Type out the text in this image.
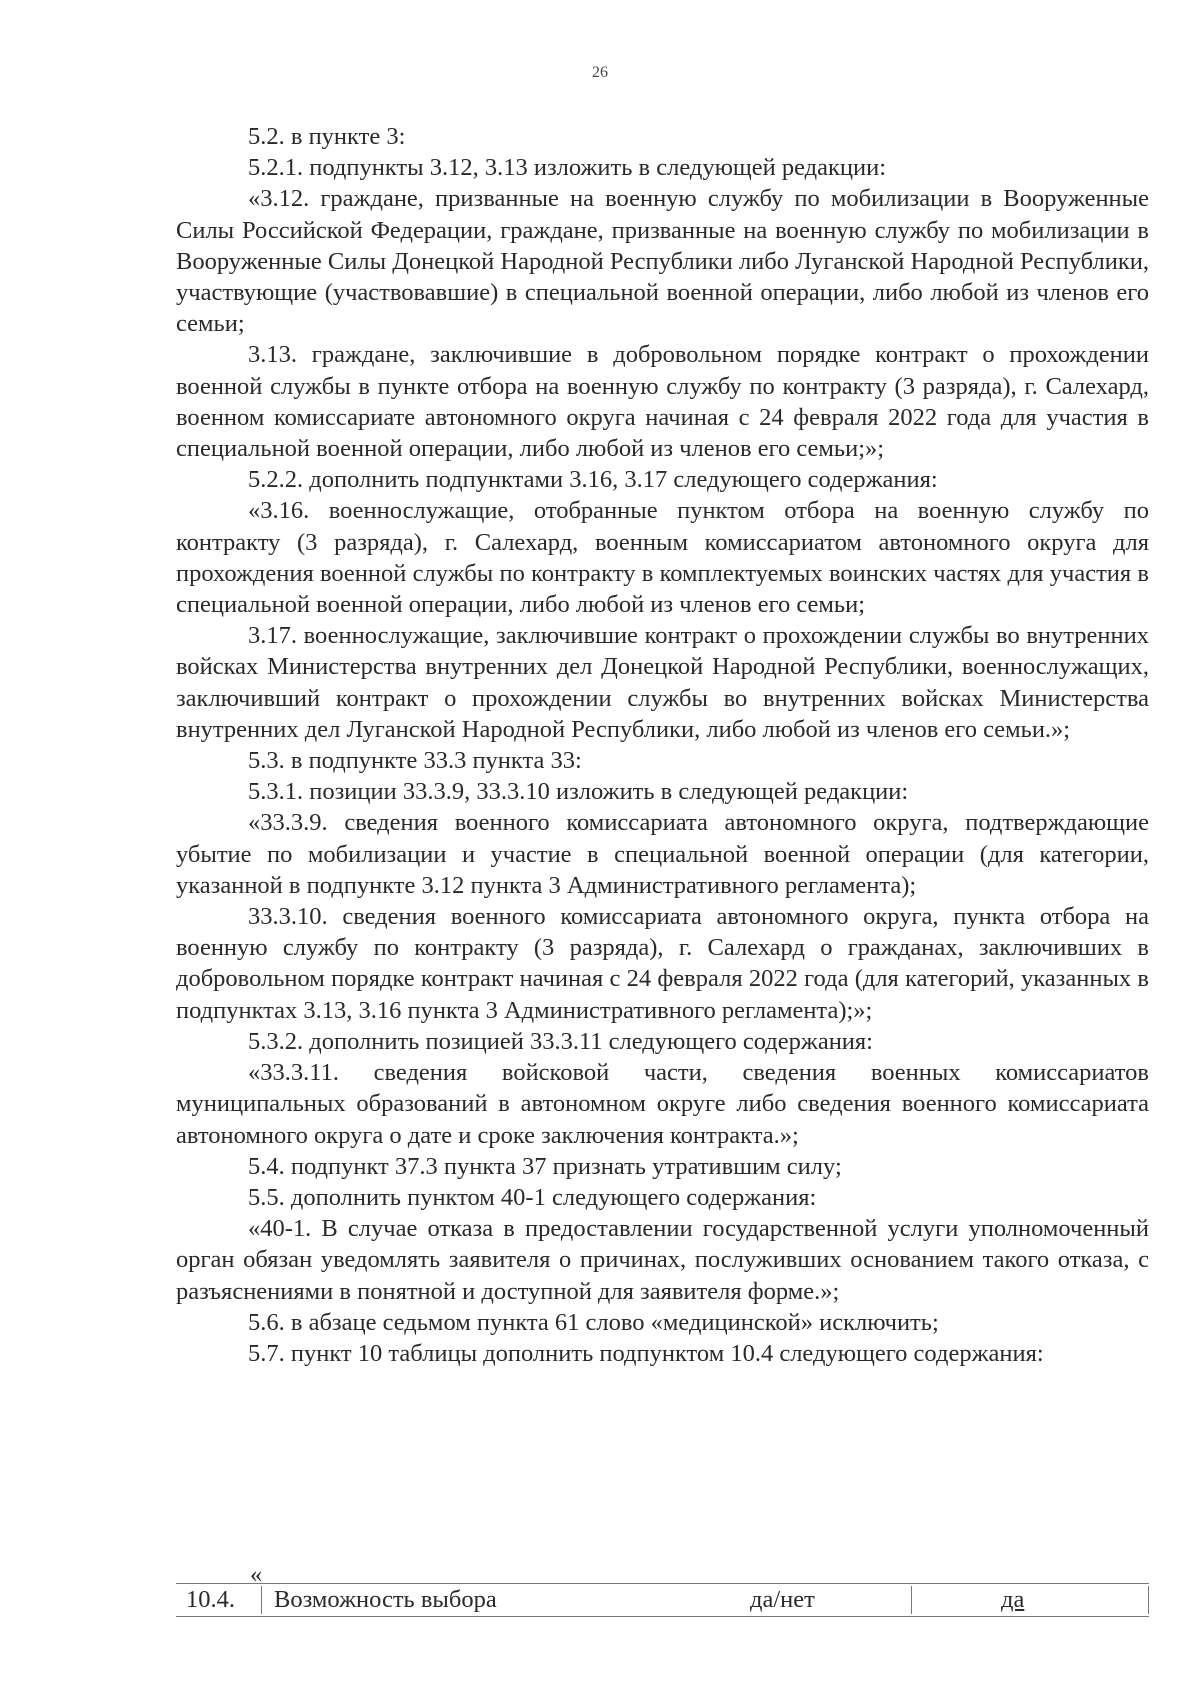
26

5.2. в пункте 3:

5.2.1. подпункты 3.12, 3.13 изложить в следующей редакции:

«3.12. граждане, призванные на военную службу по мобилизации в Вооруженные Силы Российской Федерации, граждане, призванные на военную службу по мобилизации в Вооруженные Силы Донецкой Народной Республики либо Луганской Народной Республики, участвующие (участвовавшие) в специальной военной операции, либо любой из членов его семьи;

3.13. граждане, заключившие в добровольном порядке контракт о прохождении военной службы в пункте отбора на военную службу по контракту (3 разряда), г. Салехард, военном комиссариате автономного округа начиная с 24 февраля 2022 года для участия в специальной военной операции, либо любой из членов его семьи;»;

5.2.2. дополнить подпунктами 3.16, 3.17 следующего содержания:

«3.16. военнослужащие, отобранные пунктом отбора на военную службу по контракту (3 разряда), г. Салехард, военным комиссариатом автономного округа для прохождения военной службы по контракту в комплектуемых воинских частях для участия в специальной военной операции, либо любой из членов его семьи;

3.17. военнослужащие, заключившие контракт о прохождении службы во внутренних войсках Министерства внутренних дел Донецкой Народной Республики, военнослужащих, заключивший контракт о прохождении службы во внутренних войсках Министерства внутренних дел Луганской Народной Республики, либо любой из членов его семьи.»;

5.3. в подпункте 33.3 пункта 33:

5.3.1. позиции 33.3.9, 33.3.10 изложить в следующей редакции:

«33.3.9. сведения военного комиссариата автономного округа, подтверждающие убытие по мобилизации и участие в специальной военной операции (для категории, указанной в подпункте 3.12 пункта 3 Административного регламента);

33.3.10. сведения военного комиссариата автономного округа, пункта отбора на военную службу по контракту (3 разряда), г. Салехард о гражданах, заключивших в добровольном порядке контракт начиная с 24 февраля 2022 года (для категорий, указанных в подпунктах 3.13, 3.16 пункта 3 Административного регламента);»;

5.3.2. дополнить позицией 33.3.11 следующего содержания:

«33.3.11. сведения войсковой части, сведения военных комиссариатов муниципальных образований в автономном округе либо сведения военного комиссариата автономного округа о дате и сроке заключения контракта.»;

5.4. подпункт 37.3 пункта 37 признать утратившим силу;

5.5. дополнить пунктом 40-1 следующего содержания:

«40-1. В случае отказа в предоставлении государственной услуги уполномоченный орган обязан уведомлять заявителя о причинах, послуживших основанием такого отказа, с разъяснениями в понятной и доступной для заявителя форме.»;

5.6. в абзаце седьмом пункта 61 слово «медицинской» исключить;

5.7. пункт 10 таблицы дополнить подпунктом 10.4 следующего содержания:

«
10.4. Возможность выбора	да/нет	да
